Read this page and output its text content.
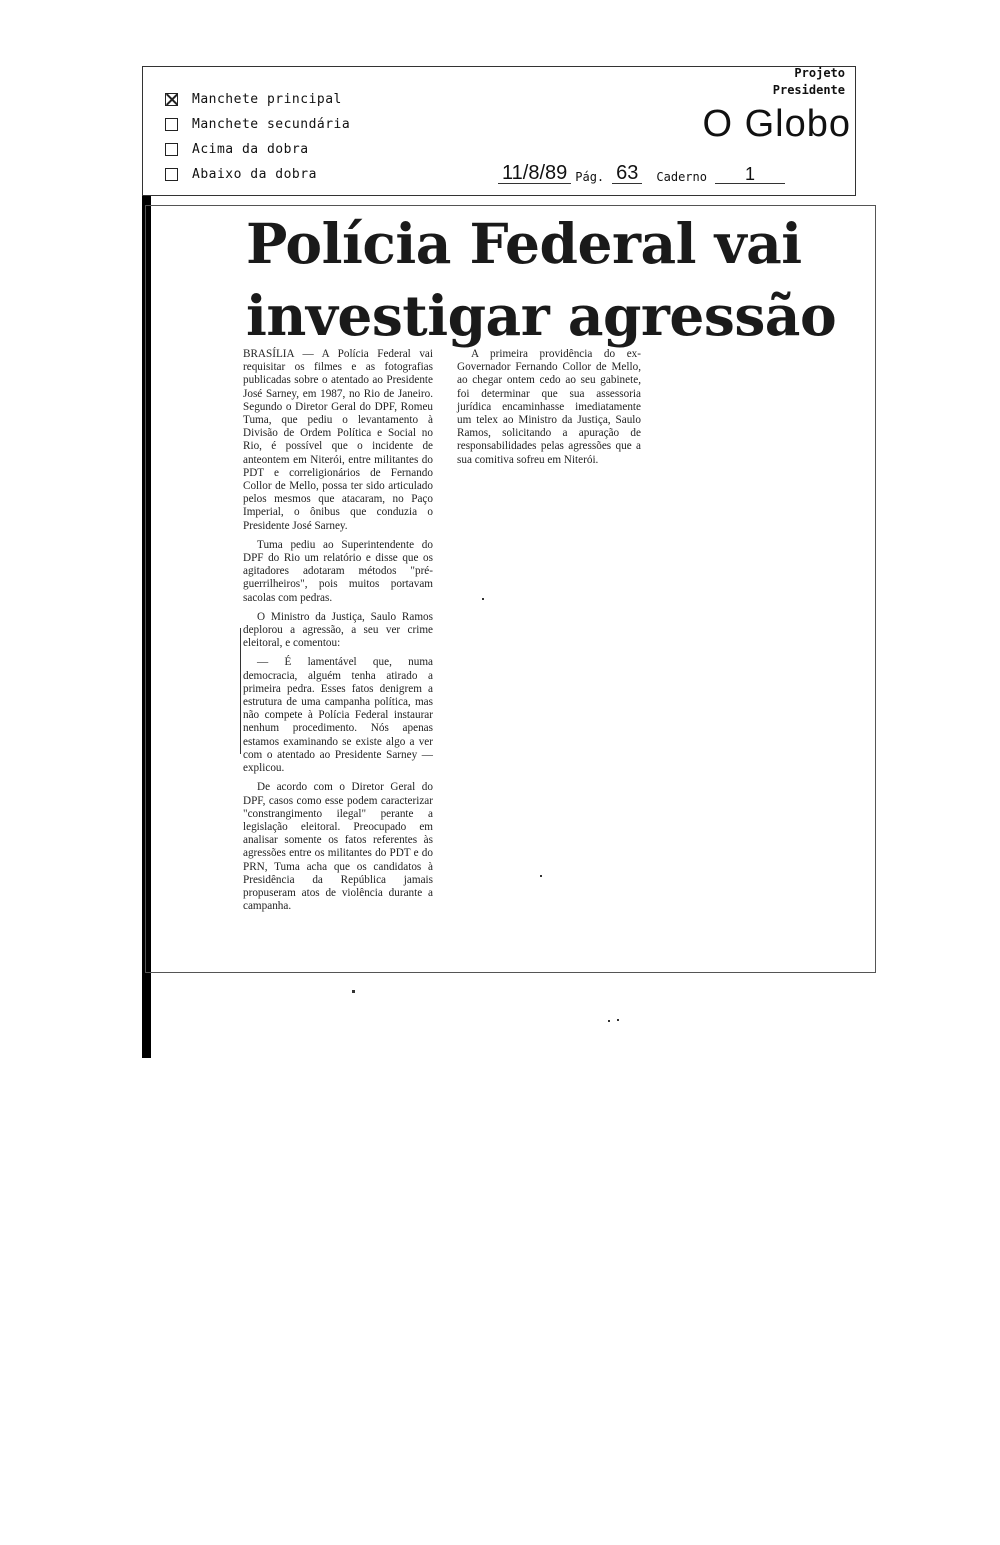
Manchete principal
Manchete secundária
Acima da dobra
Abaixo da dobra
Projeto
Presidente
O Globo
11/8/89 Pág. 63	Caderno	1
Polícia Federal vai investigar agressão

BRASÍLIA — A Polícia Federal vai requisitar os filmes e as fotografias publicadas sobre o atentado ao Presidente José Sarney, em 1987, no Rio de Janeiro. Segundo o Diretor Geral do DPF, Romeu Tuma, que pediu o levantamento à Divisão de Ordem Política e Social no Rio, é possível que o incidente de anteontem em Niterói, entre militantes do PDT e correligionários de Fernando Collor de Mello, possa ter sido articulado pelos mesmos que atacaram, no Paço Imperial, o ônibus que conduzia o Presidente José Sarney.

Tuma pediu ao Superintendente do DPF do Rio um relatório e disse que os agitadores adotaram métodos "pré-guerrilheiros", pois muitos portavam sacolas com pedras.

O Ministro da Justiça, Saulo Ramos deplorou a agressão, a seu ver crime eleitoral, e comentou:

— É lamentável que, numa democracia, alguém tenha atirado a primeira pedra. Esses fatos denigrem a estrutura de uma campanha política, mas não compete à Polícia Federal instaurar nenhum procedimento. Nós apenas estamos examinando se existe algo a ver com o atentado ao Presidente Sarney — explicou.

De acordo com o Diretor Geral do DPF, casos como esse podem caracterizar "constrangimento ilegal" perante a legislação eleitoral. Preocupado em analisar somente os fatos referentes às agressões entre os militantes do PDT e do PRN, Tuma acha que os candidatos à Presidência da República jamais propuseram atos de violência durante a campanha.

A primeira providência do ex-Governador Fernando Collor de Mello, ao chegar ontem cedo ao seu gabinete, foi determinar que sua assessoria jurídica encaminhasse imediatamente um telex ao Ministro da Justiça, Saulo Ramos, solicitando a apuração de responsabilidades pelas agressões que a sua comitiva sofreu em Niterói.
